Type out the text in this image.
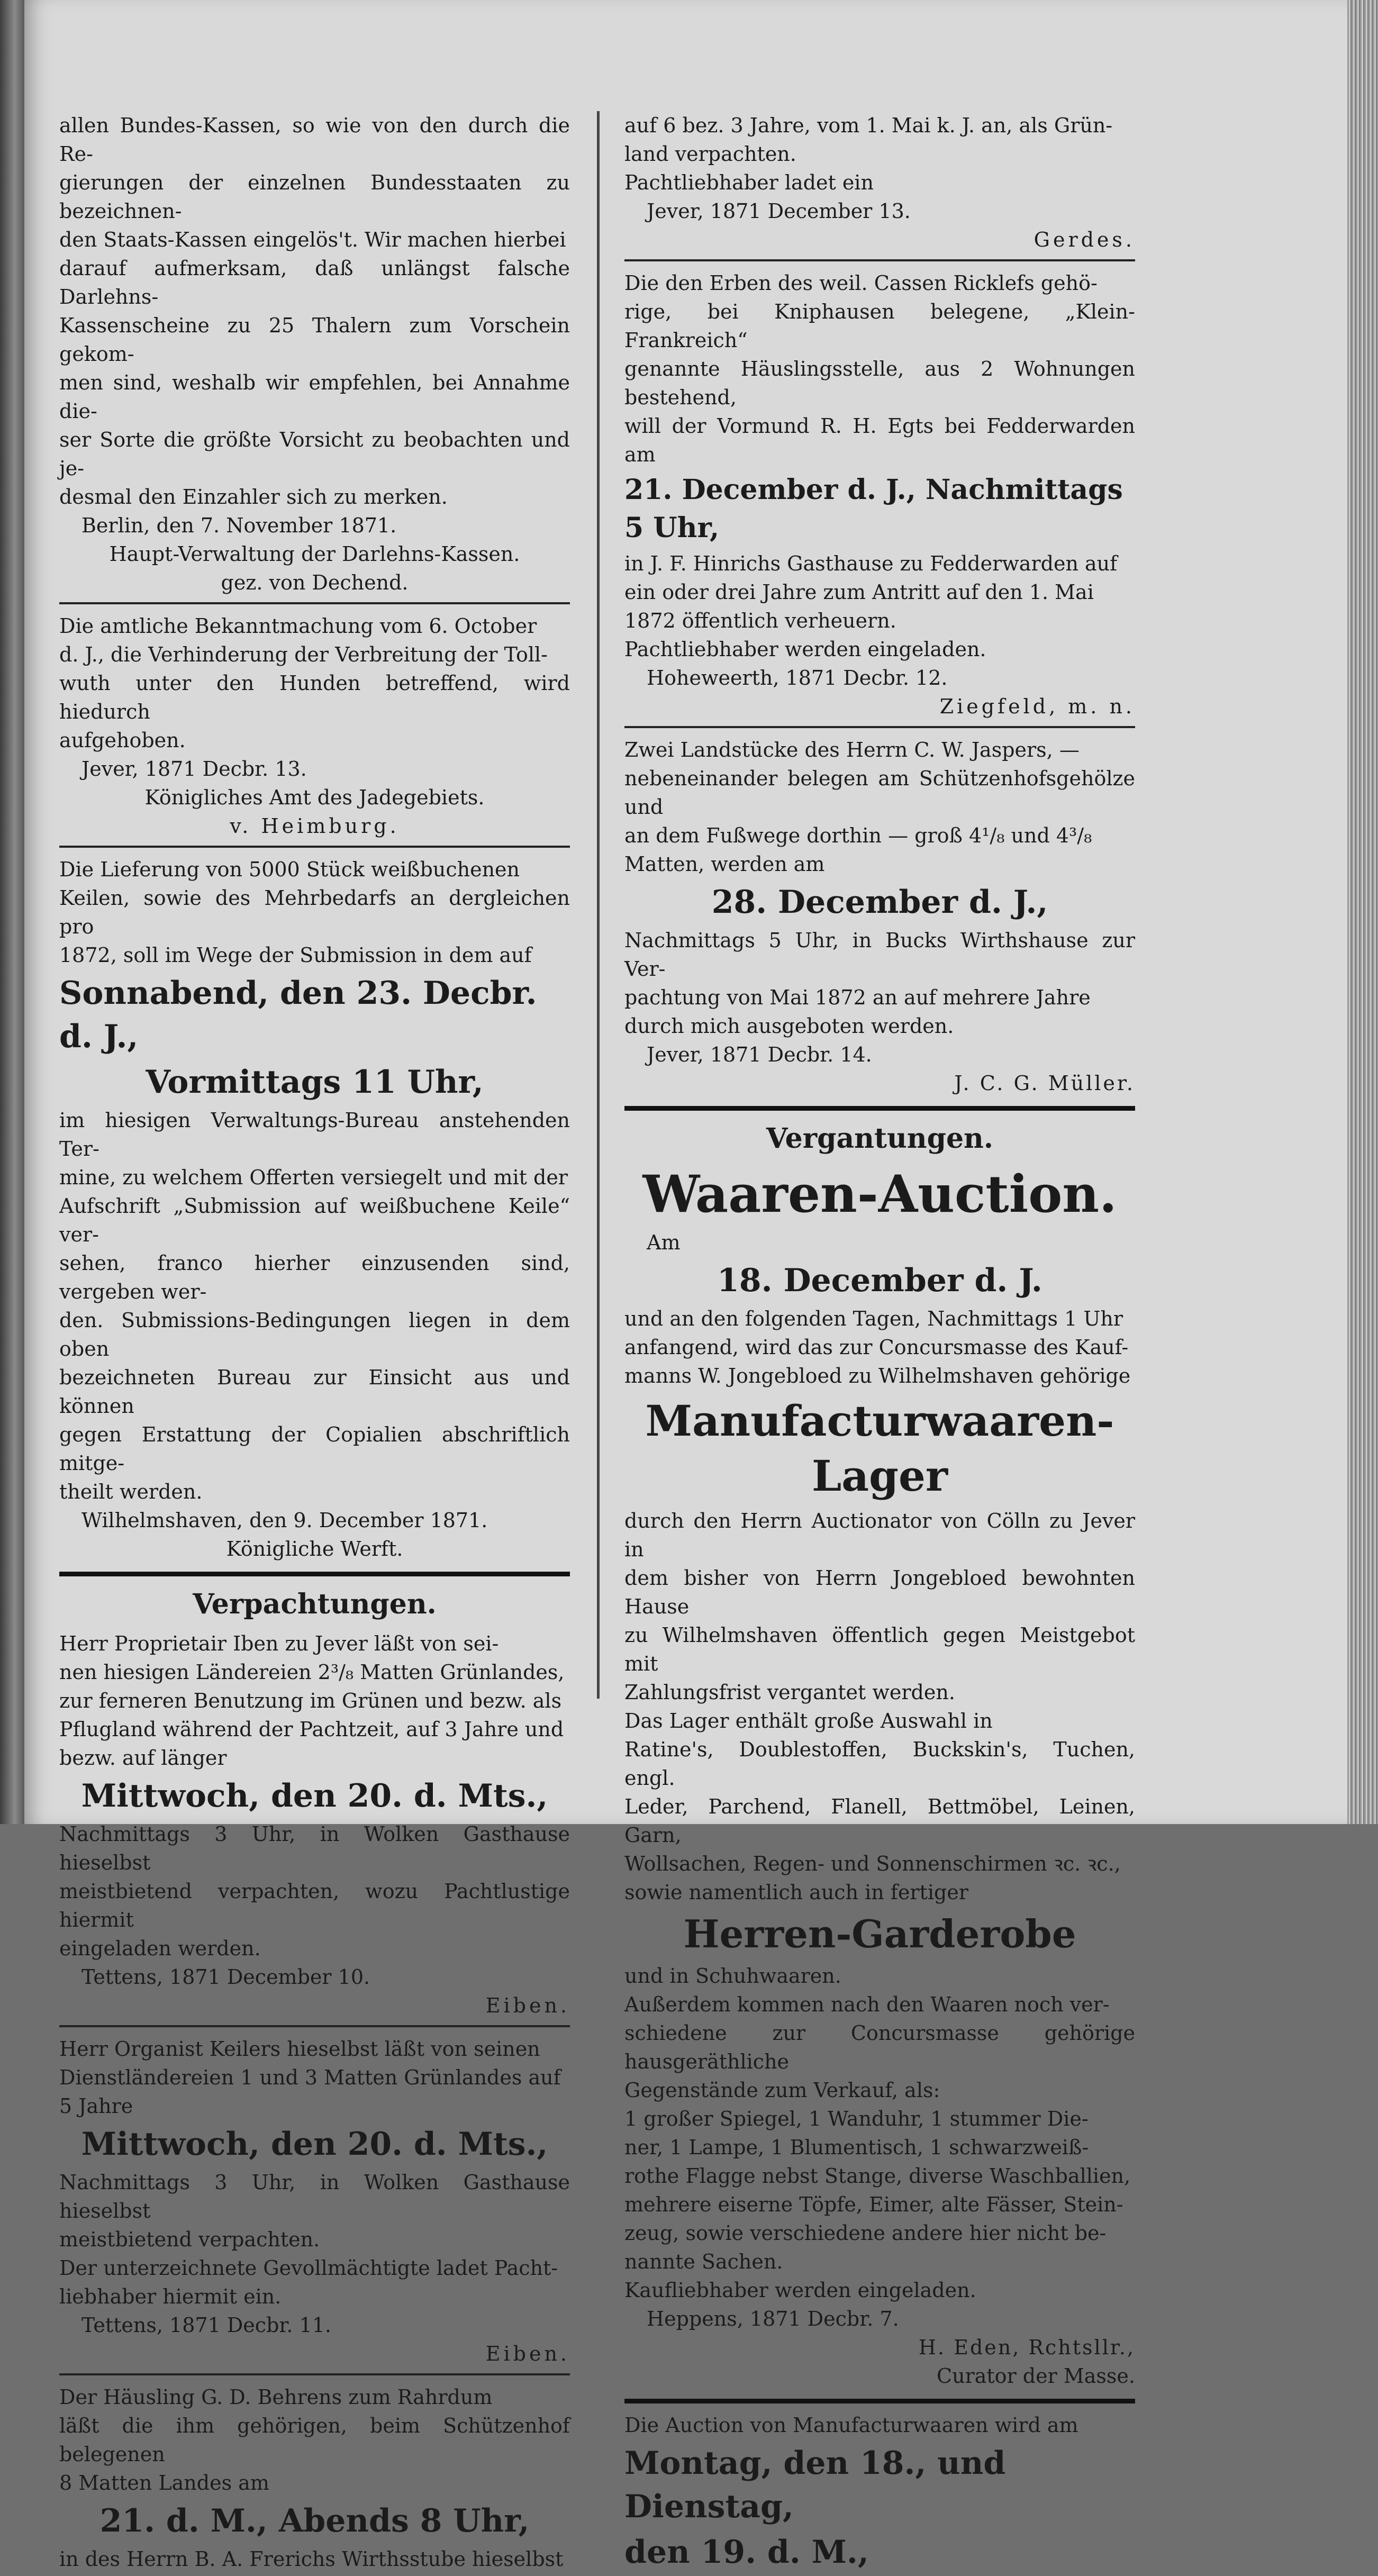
allen Bundes-Kassen, so wie von den durch die Re-

gierungen der einzelnen Bundesstaaten zu bezeichnen-

den Staats-Kassen eingelös't. Wir machen hierbei

darauf aufmerksam, daß unlängst falsche Darlehns-

Kassenscheine zu 25 Thalern zum Vorschein gekom-

men sind, weshalb wir empfehlen, bei Annahme die-

ser Sorte die größte Vorsicht zu beobachten und je-

desmal den Einzahler sich zu merken.

Berlin, den 7. November 1871.

Haupt-Verwaltung der Darlehns-Kassen.

gez. von Dechend.

Die amtliche Bekanntmachung vom 6. October

d. J., die Verhinderung der Verbreitung der Toll-

wuth unter den Hunden betreffend, wird hiedurch

aufgehoben.

Jever, 1871 Decbr. 13.

Königliches Amt des Jadegebiets.

v. Heimburg.

Die Lieferung von 5000 Stück weißbuchenen

Keilen, sowie des Mehrbedarfs an dergleichen pro

1872, soll im Wege der Submission in dem auf

Sonnabend, den 23. Decbr. d. J.,

Vormittags 11 Uhr,

im hiesigen Verwaltungs-Bureau anstehenden Ter-

mine, zu welchem Offerten versiegelt und mit der

Aufschrift „Submission auf weißbuchene Keile“ ver-

sehen, franco hierher einzusenden sind, vergeben wer-

den. Submissions-Bedingungen liegen in dem oben

bezeichneten Bureau zur Einsicht aus und können

gegen Erstattung der Copialien abschriftlich mitge-

theilt werden.

Wilhelmshaven, den 9. December 1871.

Königliche Werft.

Verpachtungen.

Herr Proprietair Iben zu Jever läßt von sei-

nen hiesigen Ländereien 2³/₈ Matten Grünlandes,

zur ferneren Benutzung im Grünen und bezw. als

Pflugland während der Pachtzeit, auf 3 Jahre und

bezw. auf länger

Mittwoch, den 20. d. Mts.,

Nachmittags 3 Uhr, in Wolken Gasthause hieselbst

meistbietend verpachten, wozu Pachtlustige hiermit

eingeladen werden.

Tettens, 1871 December 10.

Eiben.

Herr Organist Keilers hieselbst läßt von seinen

Dienstländereien 1 und 3 Matten Grünlandes auf

5 Jahre

Mittwoch, den 20. d. Mts.,

Nachmittags 3 Uhr, in Wolken Gasthause hieselbst

meistbietend verpachten.

Der unterzeichnete Gevollmächtigte ladet Pacht-

liebhaber hiermit ein.

Tettens, 1871 Decbr. 11.

Eiben.

Der Häusling G. D. Behrens zum Rahrdum

läßt die ihm gehörigen, beim Schützenhof belegenen

8 Matten Landes am

21. d. M., Abends 8 Uhr,

in des Herrn B. A. Frerichs Wirthsstube hieselbst

auf 6 bez. 3 Jahre, vom 1. Mai k. J. an, als Grün-

land verpachten.

Pachtliebhaber ladet ein

Jever, 1871 December 13.

Gerdes.

Die den Erben des weil. Cassen Ricklefs gehö-

rige, bei Kniphausen belegene, „Klein-Frankreich“

genannte Häuslingsstelle, aus 2 Wohnungen bestehend,

will der Vormund R. H. Egts bei Fedderwarden am

21. December d. J., Nachmittags 5 Uhr,

in J. F. Hinrichs Gasthause zu Fedderwarden auf

ein oder drei Jahre zum Antritt auf den 1. Mai

1872 öffentlich verheuern.

Pachtliebhaber werden eingeladen.

Hoheweerth, 1871 Decbr. 12.

Ziegfeld, m. n.

Zwei Landstücke des Herrn C. W. Jaspers, —

nebeneinander belegen am Schützenhofsgehölze und

an dem Fußwege dorthin — groß 4¹/₈ und 4³/₈

Matten, werden am

28. December d. J.,

Nachmittags 5 Uhr, in Bucks Wirthshause zur Ver-

pachtung von Mai 1872 an auf mehrere Jahre

durch mich ausgeboten werden.

Jever, 1871 Decbr. 14.

J. C. G. Müller.

Vergantungen.

Waaren-Auction.

Am

18. December d. J.

und an den folgenden Tagen, Nachmittags 1 Uhr

anfangend, wird das zur Concursmasse des Kauf-

manns W. Jongebloed zu Wilhelmshaven gehörige

Manufacturwaaren-Lager

durch den Herrn Auctionator von Cölln zu Jever in

dem bisher von Herrn Jongebloed bewohnten Hause

zu Wilhelmshaven öffentlich gegen Meistgebot mit

Zahlungsfrist vergantet werden.

Das Lager enthält große Auswahl in

Ratine's, Doublestoffen, Buckskin's, Tuchen, engl.

Leder, Parchend, Flanell, Bettmöbel, Leinen, Garn,

Wollsachen, Regen- und Sonnenschirmen ꝛc. ꝛc.,

sowie namentlich auch in fertiger

Herren-Garderobe

und in Schuhwaaren.

Außerdem kommen nach den Waaren noch ver-

schiedene zur Concursmasse gehörige hausgeräthliche

Gegenstände zum Verkauf, als:

1 großer Spiegel, 1 Wanduhr, 1 stummer Die-

ner, 1 Lampe, 1 Blumentisch, 1 schwarzweiß-

rothe Flagge nebst Stange, diverse Waschballien,

mehrere eiserne Töpfe, Eimer, alte Fässer, Stein-

zeug, sowie verschiedene andere hier nicht be-

nannte Sachen.

Kaufliebhaber werden eingeladen.

Heppens, 1871 Decbr. 7.

H. Eden, Rchtsllr.,

Curator der Masse.

Die Auction von Manufacturwaaren wird am

Montag, den 18., und Dienstag,

den 19. d. M.,
